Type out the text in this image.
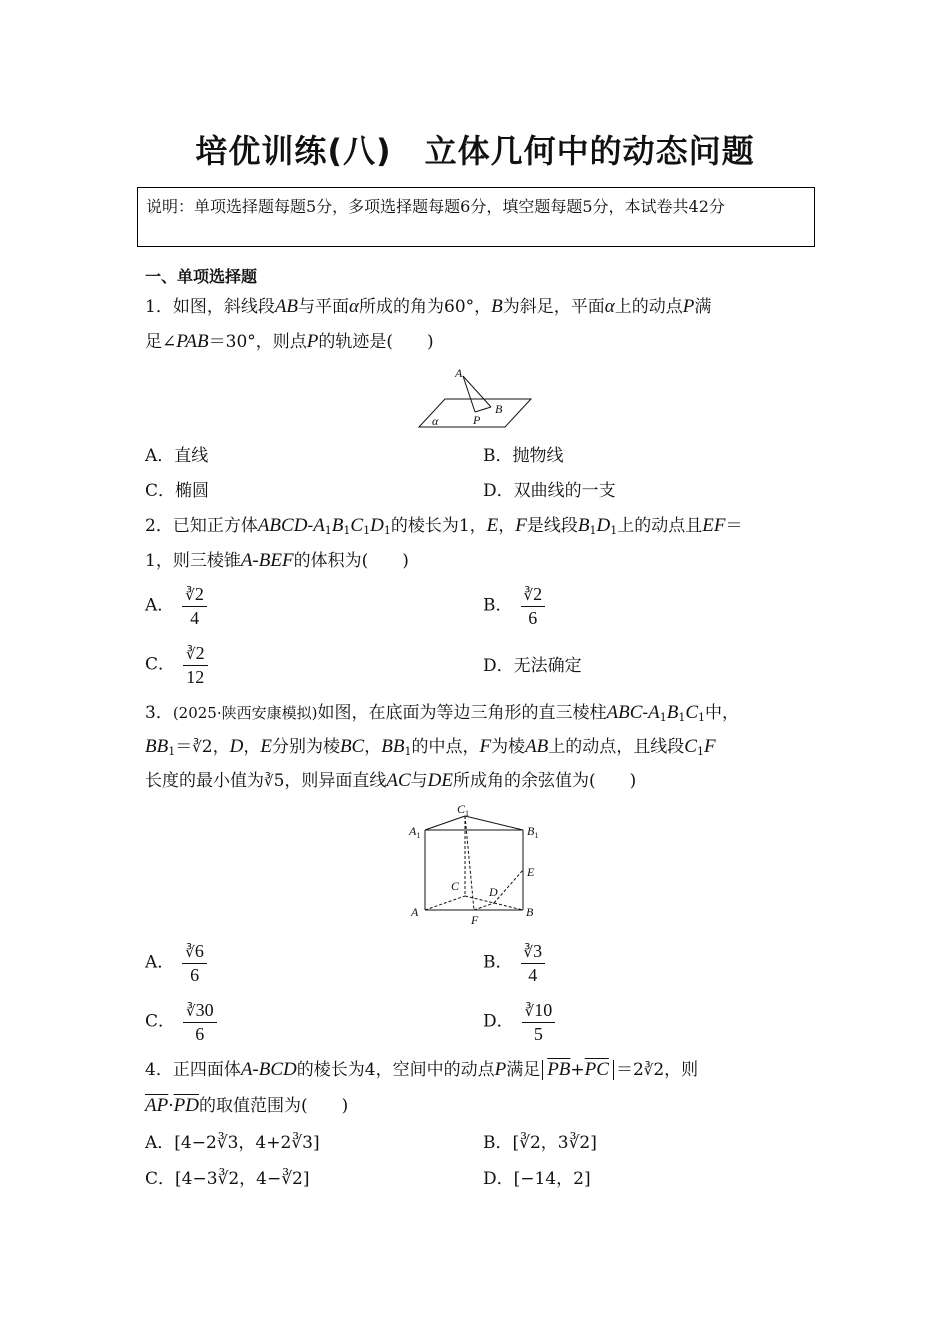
培优训练(八)　立体几何中的动态问题
说明：单项选择题每题5分，多项选择题每题6分，填空题每题5分，本试卷共42分
一、单项选择题
1．如图，斜线段AB与平面α所成的角为60°，B为斜足，平面α上的动点P满
足∠PAB＝30°，则点P的轨迹是(　　)
A
B
P
α
A．直线	B．抛物线
C．椭圆	D．双曲线的一支
2．已知正方体ABCD-$A_1B_1C_1D_1$的棱长为1，E，F是线段$B_1D_1$上的动点且EF＝
1，则三棱锥A-BEF的体积为(　　)
A． $\frac{∛2}{4}$	B． $\frac{∛2}{6}$
C． $\frac{∛2}{12}$	D．无法确定
3．(2025·陕西安康模拟)如图，在底面为等边三角形的直三棱柱ABC-$A_1B_1C_1$中，
$BB_1=∛2$，D，E分别为棱BC，$BB_1$的中点，F为棱AB上的动点，且线段$C_1F$
长度的最小值为∛5，则异面直线AC与DE所成角的余弦值为(　　)
$C_1$
$A_1$	$B_1$
E
C D
A
F
B
A． $\frac{∛6}{6}$	B． $\frac{∛3}{4}$
C． $\frac{∛30}{6}$	D． $\frac{∛10}{5}$
4．正四面体A-BCD的棱长为4，空间中的动点P满足 $\overline{PB}+\overline{PC}$ ＝2∛2，则
$\overline{AP}\cdot\overline{PD}$的取值范围为(　　)
A．[4−2∛3，4+2∛3]	B．[∛2，3∛2]
C．[4−3∛2，4−∛2]	D．[−14，2]
